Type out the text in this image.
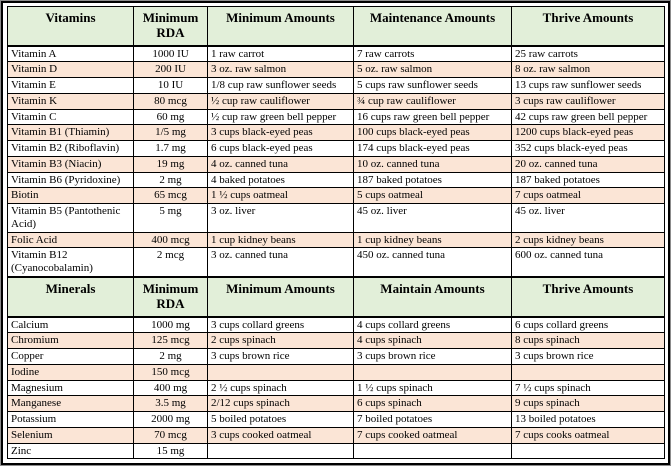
Vitamins	Minimum RDA	Minimum Amounts	Maintenance Amounts	Thrive Amounts
Vitamin A	1000 IU	1 raw carrot	7 raw carrots	25 raw carrots
Vitamin D	200 IU	3 oz. raw salmon	5 oz. raw salmon	8 oz. raw salmon
Vitamin E	10 IU	1/8 cup raw sunflower seeds	5 cups raw sunflower seeds	13 cups raw sunflower seeds
Vitamin K	80 mcg	½ cup raw cauliflower	¾ cup raw cauliflower	3 cups raw cauliflower
Vitamin C	60 mg	½ cup raw green bell pepper	16 cups raw green bell pepper	42 cups raw green bell pepper
Vitamin B1 (Thiamin)	1/5 mg	3 cups black-eyed peas	100 cups black-eyed peas	1200 cups black-eyed peas
Vitamin B2 (Riboflavin)	1.7 mg	6 cups black-eyed peas	174 cups black-eyed peas	352 cups black-eyed peas
Vitamin B3 (Niacin)	19 mg	4 oz. canned tuna	10 oz. canned tuna	20 oz. canned tuna
Vitamin B6 (Pyridoxine)	2 mg	4 baked potatoes	187 baked potatoes	187 baked potatoes
Biotin	65 mcg	1 ½ cups oatmeal	5 cups oatmeal	7 cups oatmeal
Vitamin B5 (Pantothenic Acid)	5 mg	3 oz. liver	45 oz. liver	45 oz. liver
Folic Acid	400 mcg	1 cup kidney beans	1 cup kidney beans	2 cups kidney beans
Vitamin B12 (Cyanocobalamin)	2 mcg	3 oz. canned tuna	450 oz. canned tuna	600 oz. canned tuna
Minerals	Minimum RDA	Minimum Amounts	Maintain Amounts	Thrive Amounts
Calcium	1000 mg	3 cups collard greens	4 cups collard greens	6 cups collard greens
Chromium	125 mcg	2 cups spinach	4 cups spinach	8 cups spinach
Copper	2 mg	3 cups brown rice	3 cups brown rice	3 cups brown rice
Iodine	150 mcg			
Magnesium	400 mg	2 ½ cups spinach	1 ½ cups spinach	7 ½ cups spinach
Manganese	3.5 mg	2/12 cups spinach	6 cups spinach	9 cups spinach
Potassium	2000 mg	5 boiled potatoes	7 boiled potatoes	13 boiled potatoes
Selenium	70 mcg	3 cups cooked oatmeal	7 cups cooked oatmeal	7 cups cooks oatmeal
Zinc	15 mg			
